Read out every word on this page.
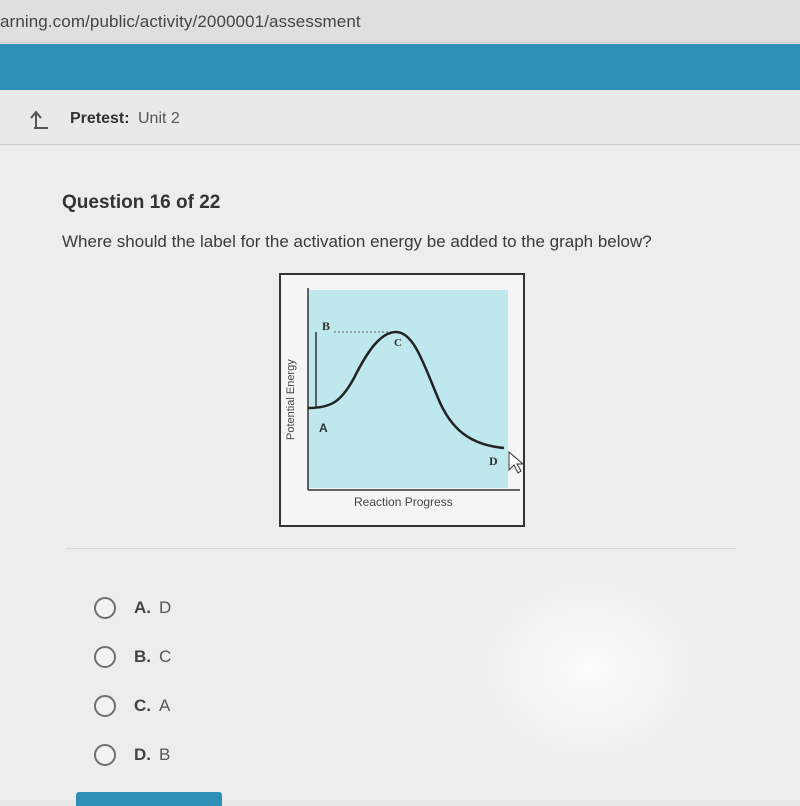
arning.com/public/activity/2000001/assessment
Pretest: Unit 2
Question 16 of 22
Where should the label for the activation energy be added to the graph below?
B
C
A
D
Potential Energy
Reaction Progress
A. D
B. C
C. A
D. B
